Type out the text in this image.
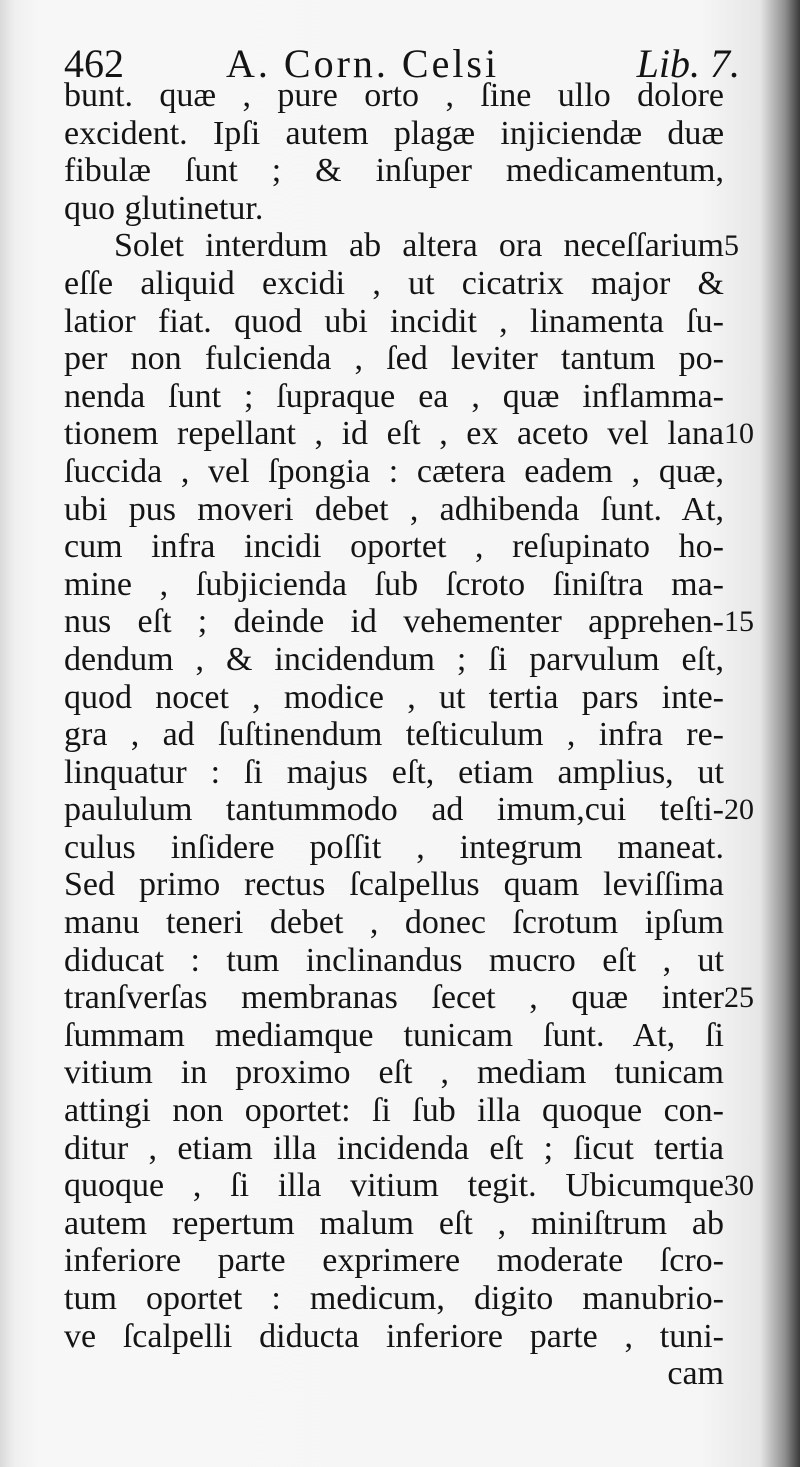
462	A. Corn. Celsi	Lib. 7.
bunt. quæ , pure orto , ſine ullo dolore
excident. Ipſi autem plagæ injiciendæ duæ
fibulæ ſunt ; & inſuper medicamentum,
quo glutinetur.
Solet interdum ab altera ora neceſſarium
eſſe aliquid excidi , ut cicatrix major &
latior fiat. quod ubi incidit , linamenta ſu-
per non fulcienda , ſed leviter tantum po-
nenda ſunt ; ſupraque ea , quæ inflamma-
tionem repellant , id eſt , ex aceto vel lana
ſuccida , vel ſpongia : cætera eadem , quæ,
ubi pus moveri debet , adhibenda ſunt. At,
cum infra incidi oportet , reſupinato ho-
mine , ſubjicienda ſub ſcroto ſiniſtra ma-
nus eſt ; deinde id vehementer apprehen-
dendum , & incidendum ; ſi parvulum eſt,
quod nocet , modice , ut tertia pars inte-
gra , ad ſuſtinendum teſticulum , infra re-
linquatur : ſi majus eſt, etiam amplius, ut
paululum tantummodo ad imum,cui teſti-
culus inſidere poſſit , integrum maneat.
Sed primo rectus ſcalpellus quam leviſſima
manu teneri debet , donec ſcrotum ipſum
diducat : tum inclinandus mucro eſt , ut
tranſverſas membranas ſecet , quæ inter
ſummam mediamque tunicam ſunt. At, ſi
vitium in proximo eſt , mediam tunicam
attingi non oportet: ſi ſub illa quoque con-
ditur , etiam illa incidenda eſt ; ſicut tertia
quoque , ſi illa vitium tegit. Ubicumque
autem repertum malum eſt , miniſtrum ab
inferiore parte exprimere moderate ſcro-
tum oportet : medicum, digito manubrio-
ve ſcalpelli diducta inferiore parte , tuni-
cam
5
10
15
20
25
30
